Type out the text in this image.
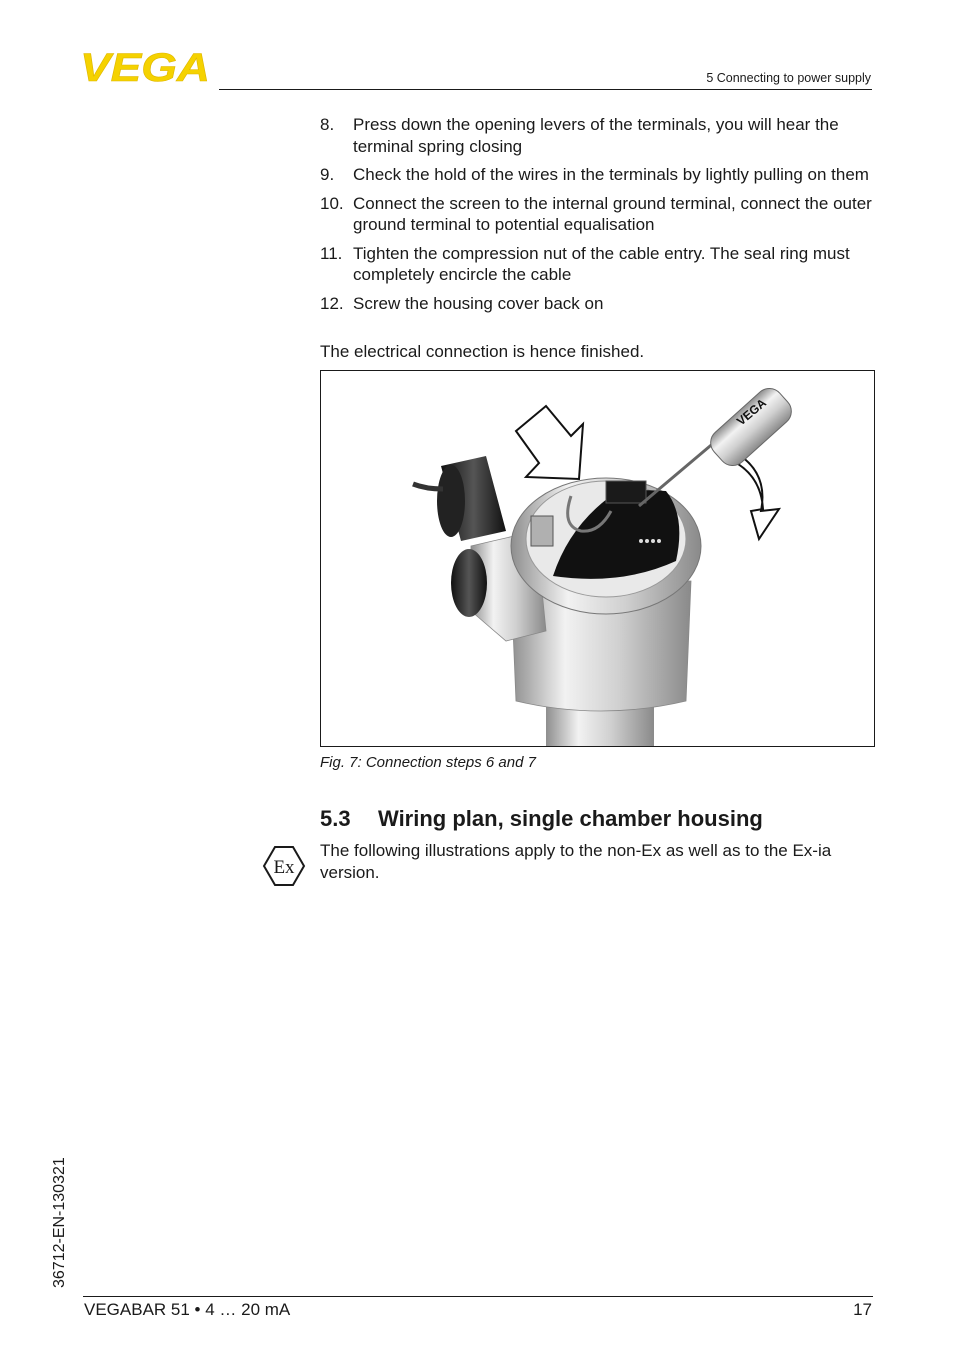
VEGA	5 Connecting to power supply
8. Press down the opening levers of the terminals, you will hear the terminal spring closing
9. Check the hold of the wires in the terminals by lightly pulling on them
10. Connect the screen to the internal ground terminal, connect the outer ground terminal to potential equalisation
11. Tighten the compression nut of the cable entry. The seal ring must completely encircle the cable
12. Screw the housing cover back on
The electrical connection is hence finished.
VEGA
Fig. 7: Connection steps 6 and 7
5.3 Wiring plan, single chamber housing
Ex
The following illustrations apply to the non-Ex as well as to the Ex-ia version.
36712-EN-130321
VEGABAR 51 • 4 … 20 mA	17
